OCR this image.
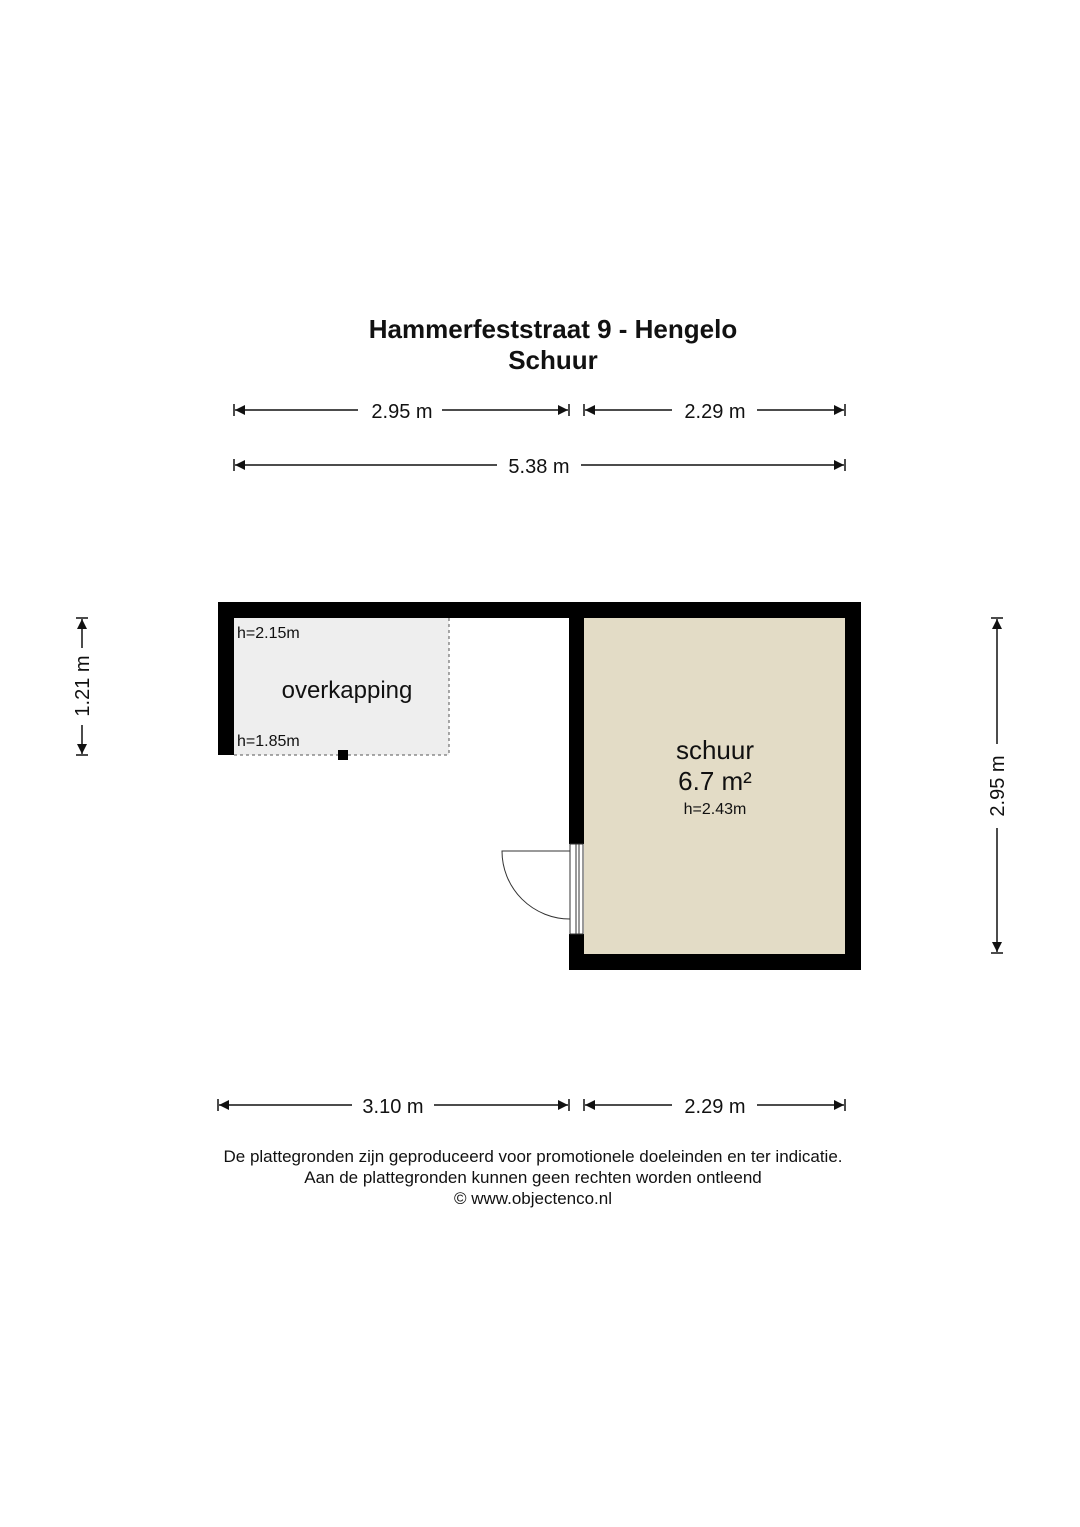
Hammerfeststraat 9 - Hengelo
Schuur
2.95 m	2.29 m
5.38 m
1.21 m
2.95 m
h=2.15m
overkapping
h=1.85m	schuur
6.7 m²
h=2.43m
3.10 m	2.29 m
De plattegronden zijn geproduceerd voor promotionele doeleinden en ter indicatie.
Aan de plattegronden kunnen geen rechten worden ontleend
© www.objectenco.nl
